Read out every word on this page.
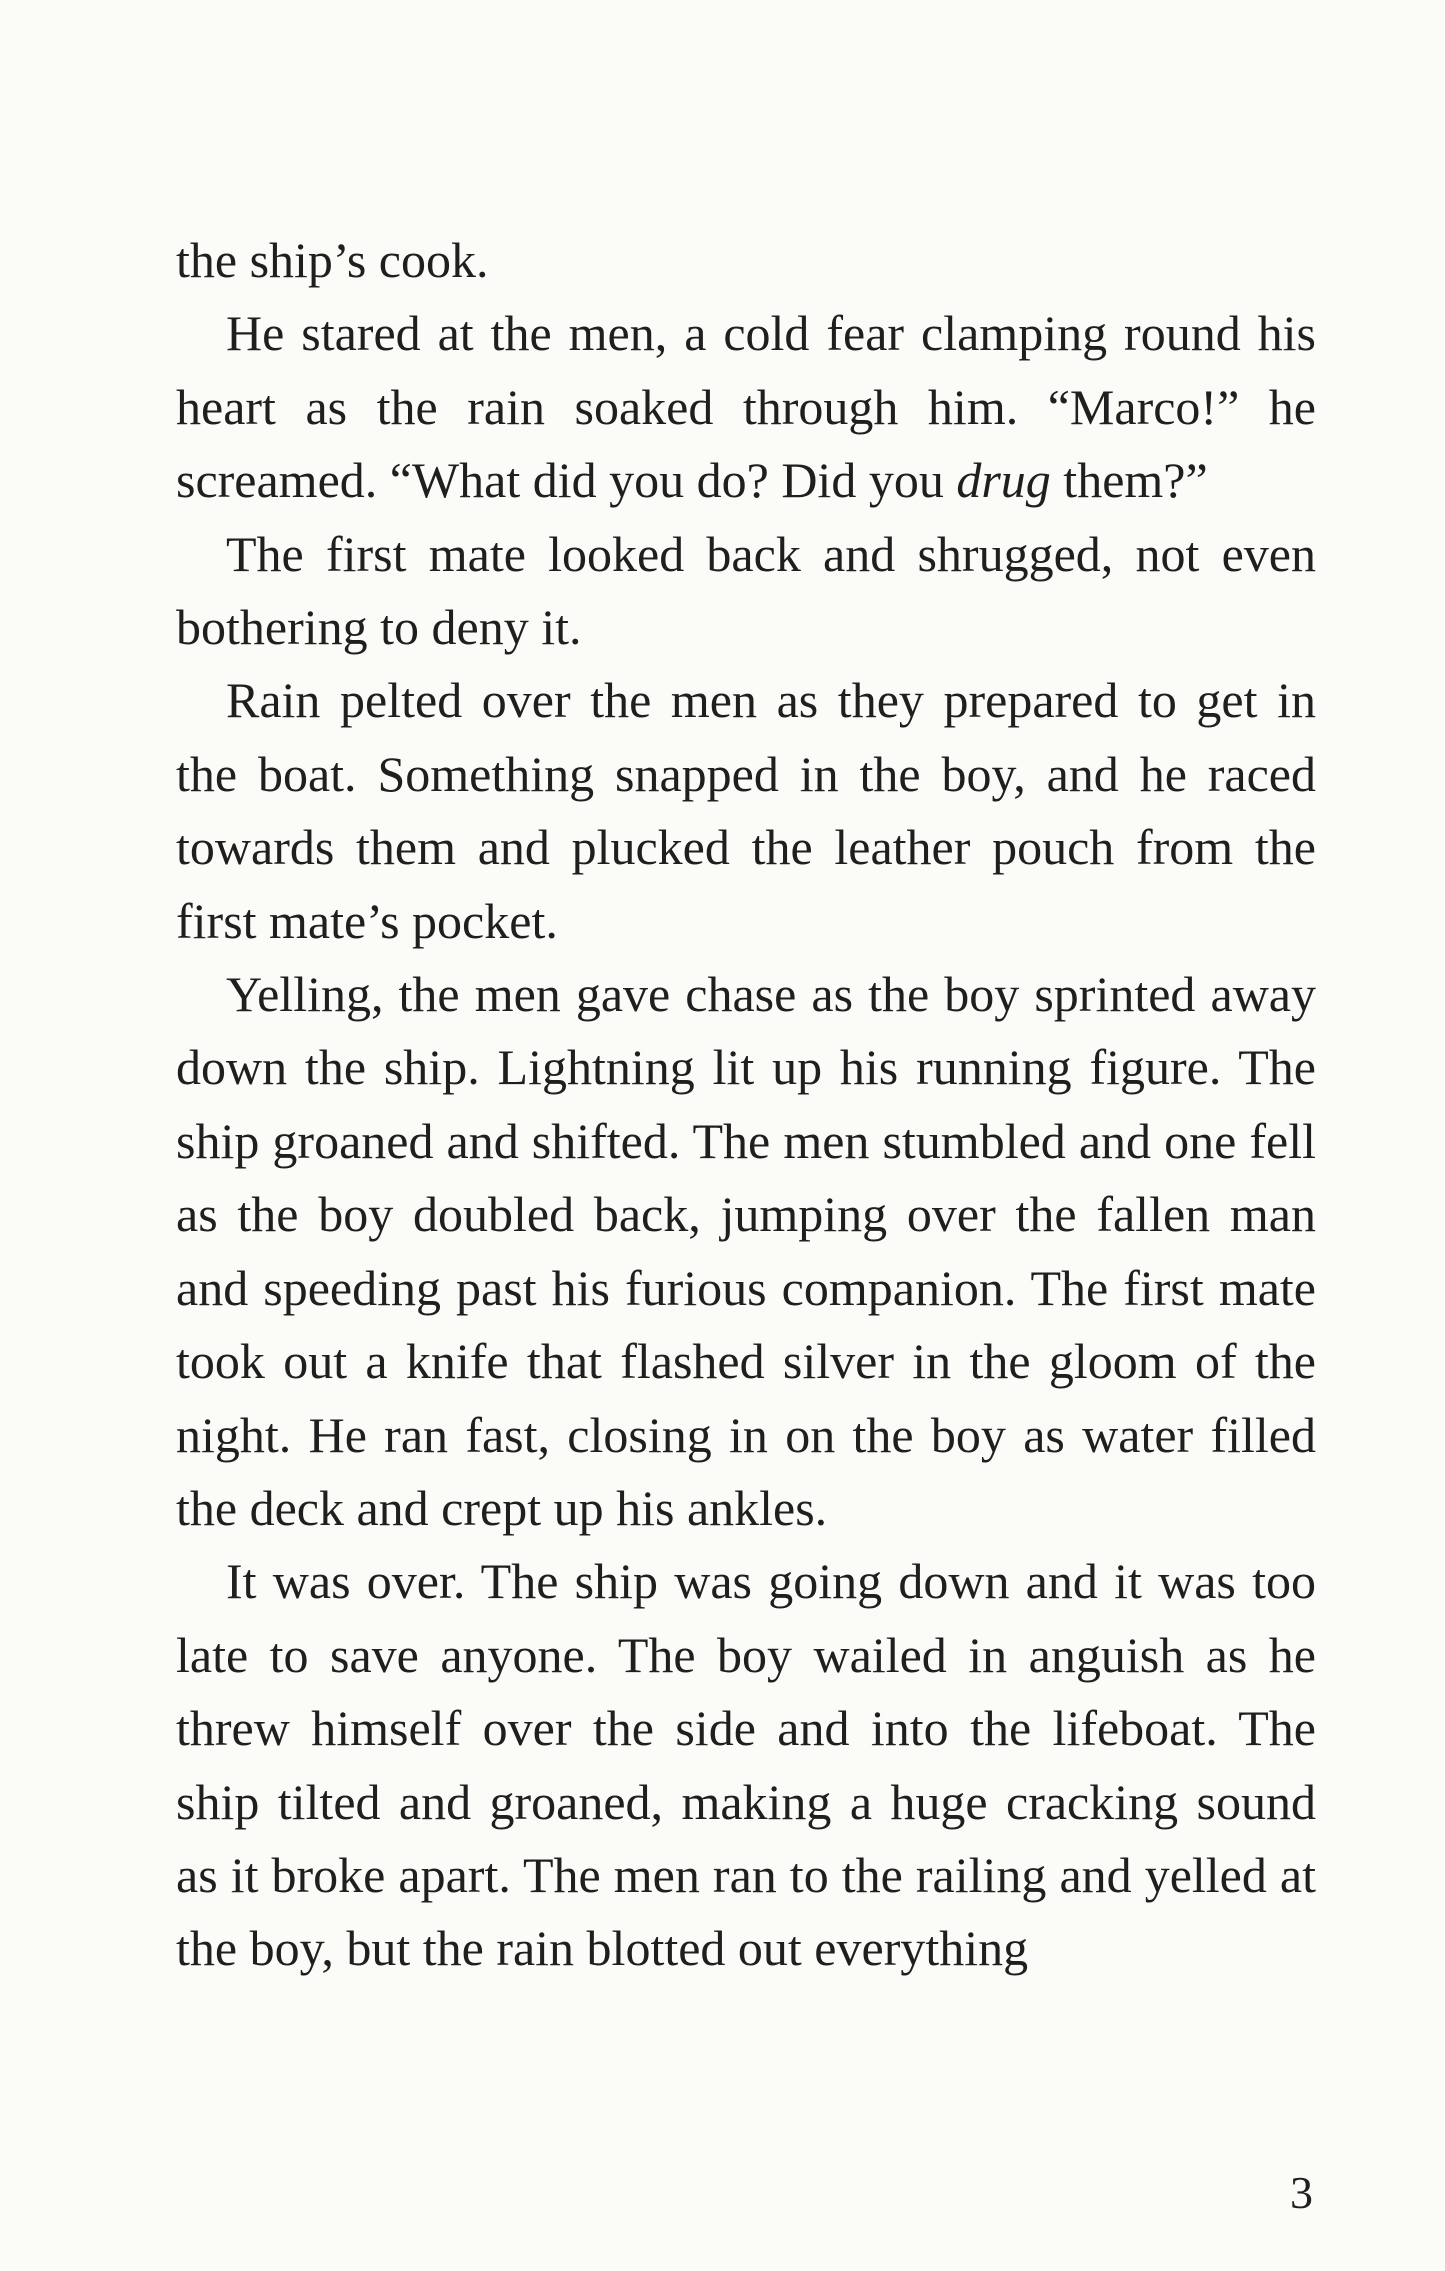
the ship’s cook.

He stared at the men, a cold fear clamping round his heart as the rain soaked through him. “Marco!” he screamed. “What did you do? Did you drug them?”

The first mate looked back and shrugged, not even bothering to deny it.

Rain pelted over the men as they prepared to get in the boat. Something snapped in the boy, and he raced towards them and plucked the leather pouch from the first mate’s pocket.

Yelling, the men gave chase as the boy sprinted away down the ship. Lightning lit up his running figure. The ship groaned and shifted. The men stumbled and one fell as the boy doubled back, jumping over the fallen man and speeding past his furious companion. The first mate took out a knife that flashed silver in the gloom of the night. He ran fast, closing in on the boy as water filled the deck and crept up his ankles.

It was over. The ship was going down and it was too late to save anyone. The boy wailed in anguish as he threw himself over the side and into the lifeboat. The ship tilted and groaned, making a huge cracking sound as it broke apart. The men ran to the railing and yelled at the boy, but the rain blotted out everything

3
